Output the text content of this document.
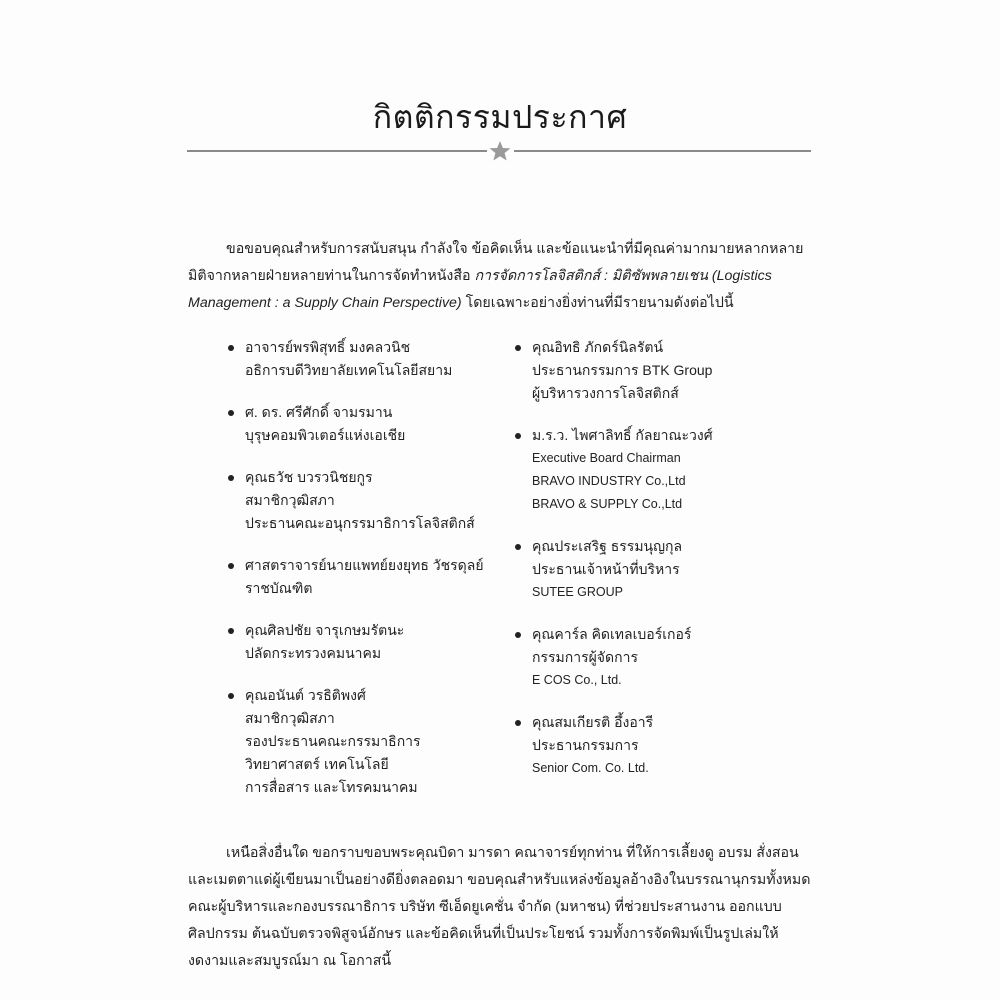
กิตติกรรมประกาศ

ขอขอบคุณสำหรับการสนับสนุน กำลังใจ ข้อคิดเห็น และข้อแนะนำที่มีคุณค่ามากมายหลากหลายมิติจากหลายฝ่ายหลายท่านในการจัดทำหนังสือ การจัดการโลจิสติกส์ : มิติซัพพลายเชน (Logistics Management : a Supply Chain Perspective) โดยเฉพาะอย่างยิ่งท่านที่มีรายนามดังต่อไปนี้

อาจารย์พรพิสุทธิ์ มงคลวนิช
อธิการบดีวิทยาลัยเทคโนโลยีสยาม
ศ. ดร. ศรีศักดิ์ จามรมาน
บุรุษคอมพิวเตอร์แห่งเอเชีย
คุณธวัช บวรวนิชยกูร
สมาชิกวุฒิสภา
ประธานคณะอนุกรรมาธิการโลจิสติกส์
ศาสตราจารย์นายแพทย์ยงยุทธ วัชรดุลย์
ราชบัณฑิต
คุณศิลปชัย จารุเกษมรัตนะ
ปลัดกระทรวงคมนาคม
คุณอนันต์ วรธิติพงศ์
สมาชิกวุฒิสภา
รองประธานคณะกรรมาธิการ
วิทยาศาสตร์ เทคโนโลยี
การสื่อสาร และโทรคมนาคม
คุณอิทธิ ภักดร์นิลรัตน์
ประธานกรรมการ BTK Group
ผู้บริหารวงการโลจิสติกส์
ม.ร.ว. ไพศาลิทธิ์ กัลยาณะวงศ์
Executive Board Chairman
BRAVO INDUSTRY Co.,Ltd
BRAVO & SUPPLY Co.,Ltd
คุณประเสริฐ ธรรมนุญกุล
ประธานเจ้าหน้าที่บริหาร
SUTEE GROUP
คุณคาร์ล คิดเทลเบอร์เกอร์
กรรมการผู้จัดการ
E COS Co., Ltd.
คุณสมเกียรติ อึ้งอารี
ประธานกรรมการ
Senior Com. Co. Ltd.

เหนือสิ่งอื่นใด ขอกราบขอบพระคุณบิดา มารดา คณาจารย์ทุกท่าน ที่ให้การเลี้ยงดู อบรม สั่งสอน และเมตตาแด่ผู้เขียนมาเป็นอย่างดียิ่งตลอดมา ขอบคุณสำหรับแหล่งข้อมูลอ้างอิงในบรรณานุกรมทั้งหมด คณะผู้บริหารและกองบรรณาธิการ บริษัท ซีเอ็ดยูเคชั่น จำกัด (มหาชน) ที่ช่วยประสานงาน ออกแบบศิลปกรรม ต้นฉบับตรวจพิสูจน์อักษร และข้อคิดเห็นที่เป็นประโยชน์ รวมทั้งการจัดพิมพ์เป็นรูปเล่มให้งดงามและสมบูรณ์มา ณ โอกาสนี้
